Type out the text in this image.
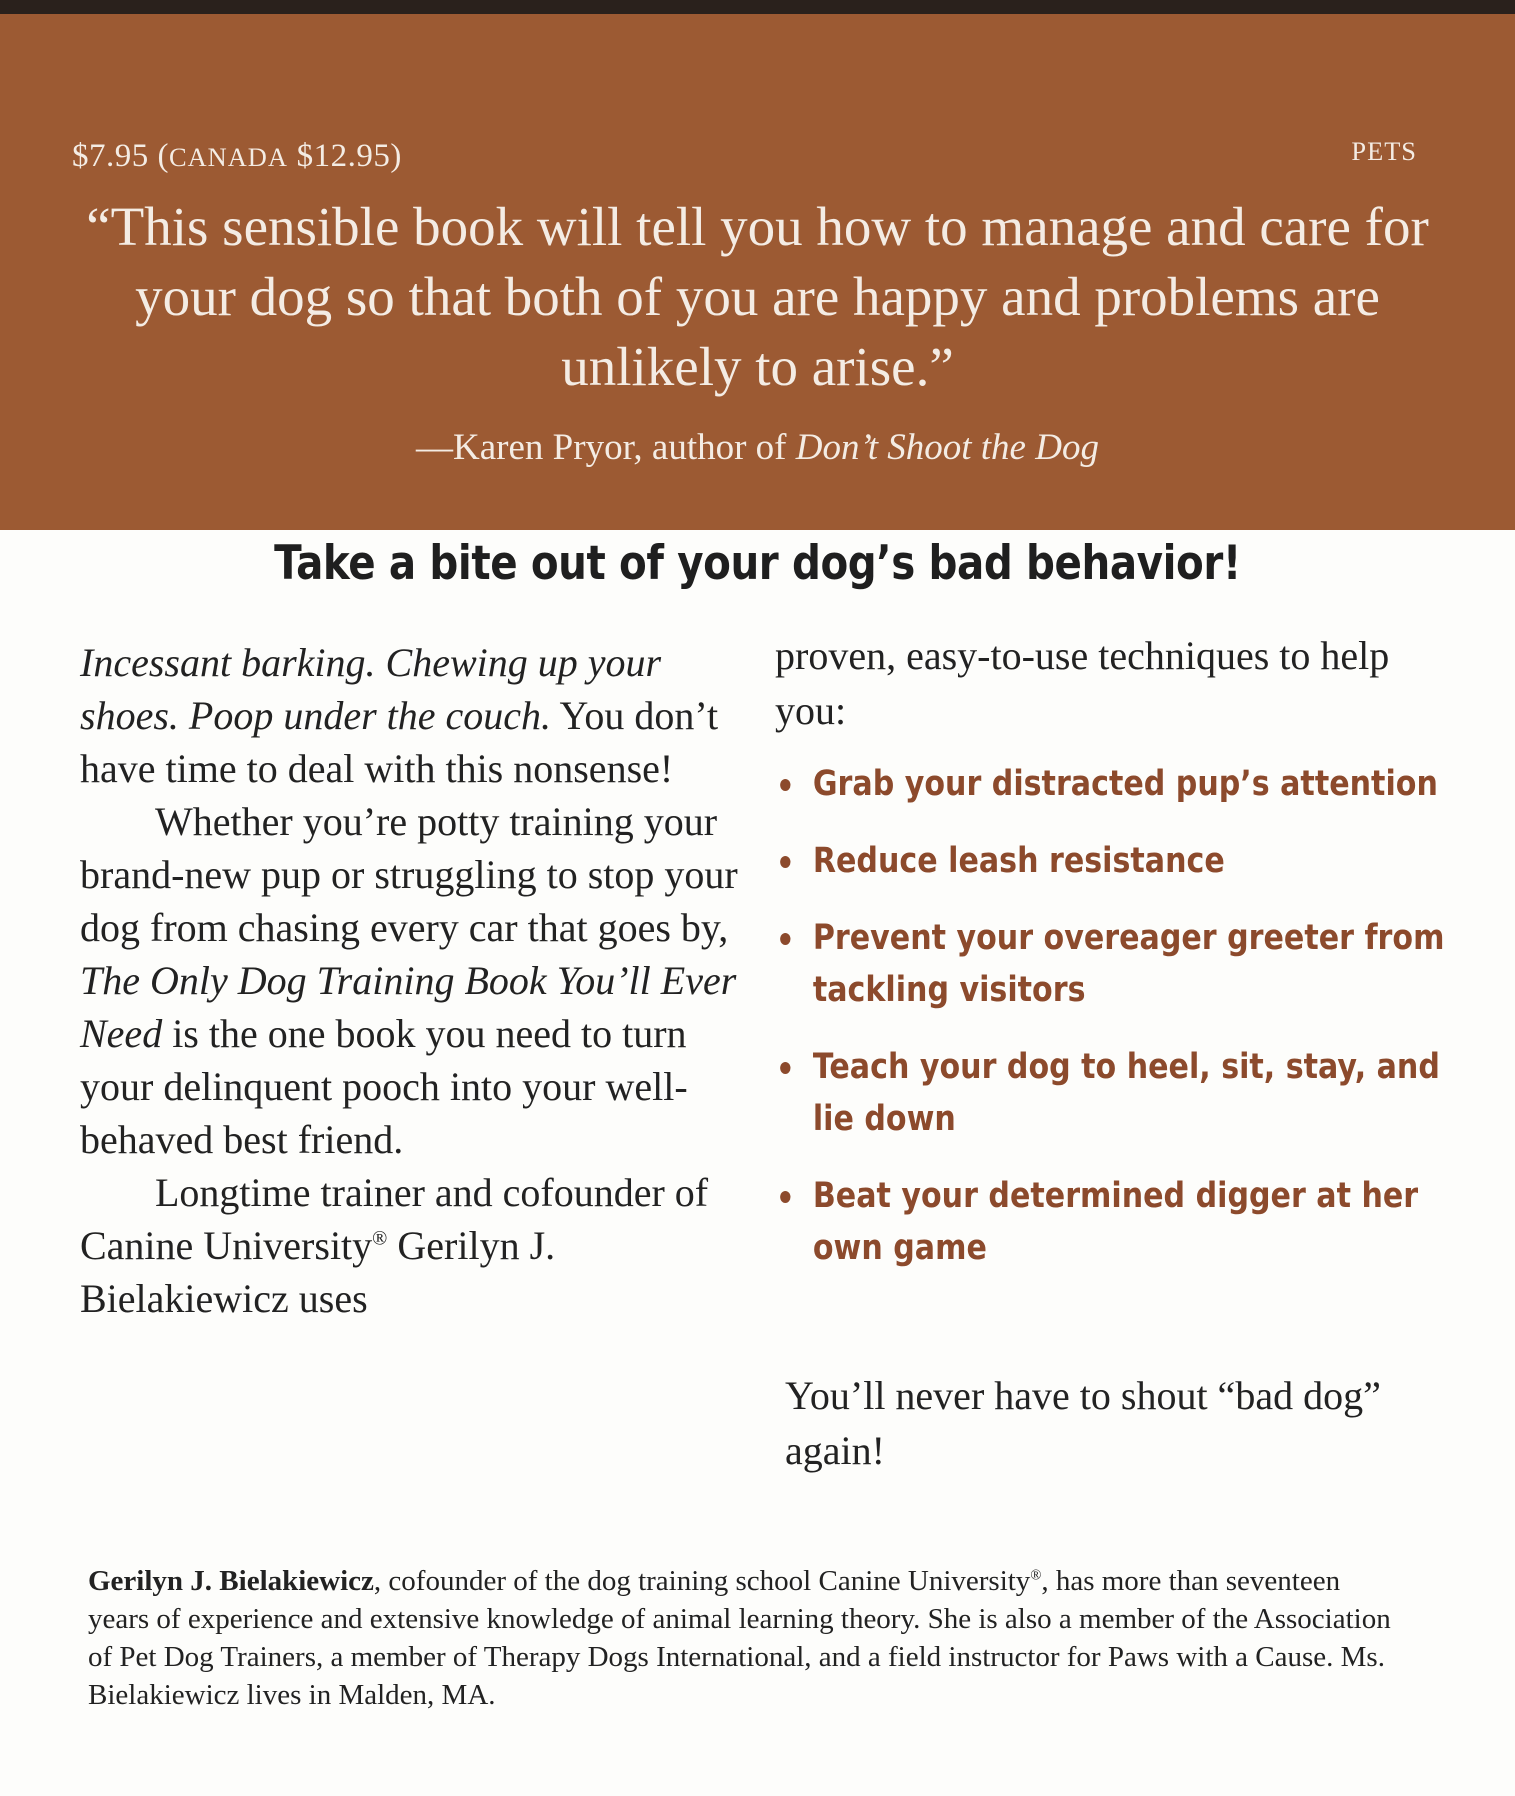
$7.95 (CANADA $12.95)	PETS
“This sensible book will tell you how to manage and care for your dog so that both of you are happy and problems are unlikely to arise.”
—Karen Pryor, author of Don’t Shoot the Dog
Take a bite out of your dog’s bad behavior!

Incessant barking. Chewing up your shoes. Poop under the couch. You don’t have time to deal with this nonsense!

Whether you’re potty training your brand-new pup or struggling to stop your dog from chasing every car that goes by, The Only Dog Training Book You’ll Ever Need is the one book you need to turn your delinquent pooch into your well-behaved best friend.

Longtime trainer and cofounder of Canine University® Gerilyn J. Bielakiewicz uses

proven, easy-to-use techniques to help you:

Grab your distracted pup’s attention
Reduce leash resistance
Prevent your overeager greeter from tackling visitors
Teach your dog to heel, sit, stay, and lie down
Beat your determined digger at her own game

You’ll never have to shout “bad dog” again!

Gerilyn J. Bielakiewicz, cofounder of the dog training school Canine University®, has more than seventeen years of experience and extensive knowledge of animal learning theory. She is also a member of the Association of Pet Dog Trainers, a member of Therapy Dogs International, and a field instructor for Paws with a Cause. Ms. Bielakiewicz lives in Malden, MA.
